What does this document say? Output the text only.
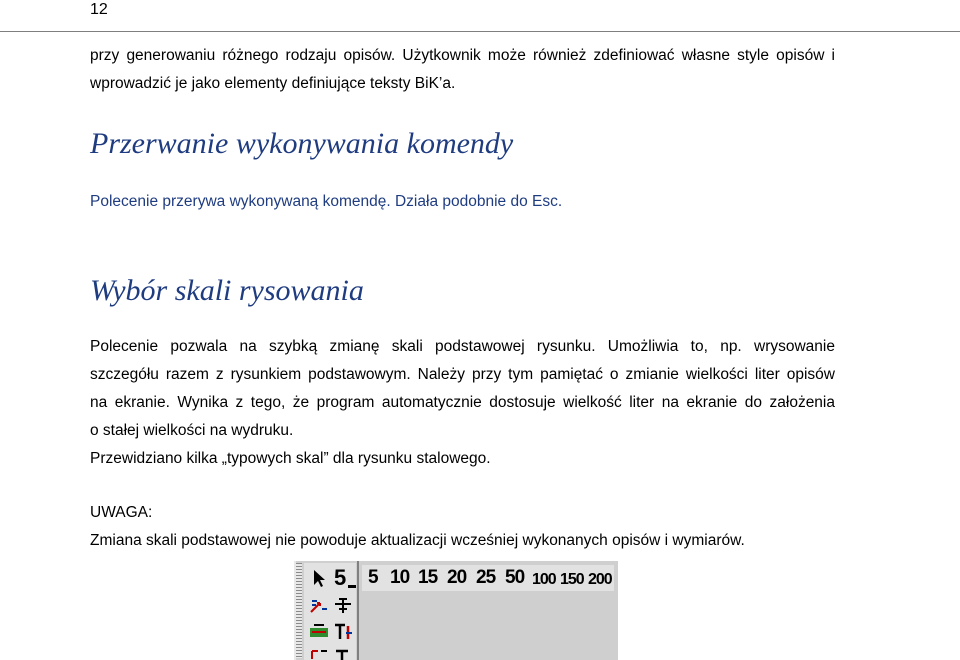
12

przy generowaniu różnego rodzaju opisów. Użytkownik może również zdefiniować własne style opisów i

wprowadzić je jako elementy definiujące teksty BiK’a.

Przerwanie wykonywania komendy

Polecenie przerywa wykonywaną komendę. Działa podobnie do Esc.

Wybór skali rysowania

Polecenie pozwala na szybką zmianę skali podstawowej rysunku. Umożliwia to, np. wrysowanie

szczegółu razem z rysunkiem podstawowym. Należy przy tym pamiętać o zmianie wielkości liter opisów

na ekranie. Wynika z tego, że program automatycznie dostosuje wielkość liter na ekranie do założenia

o stałej wielkości na wydruku.

Przewidziano kilka „typowych skal” dla rysunku stalowego.

UWAGA:

Zmiana skali podstawowej nie powoduje aktualizacji wcześniej wykonanych opisów i wymiarów.

5 5 10 15 20 25 50 100 150 200
